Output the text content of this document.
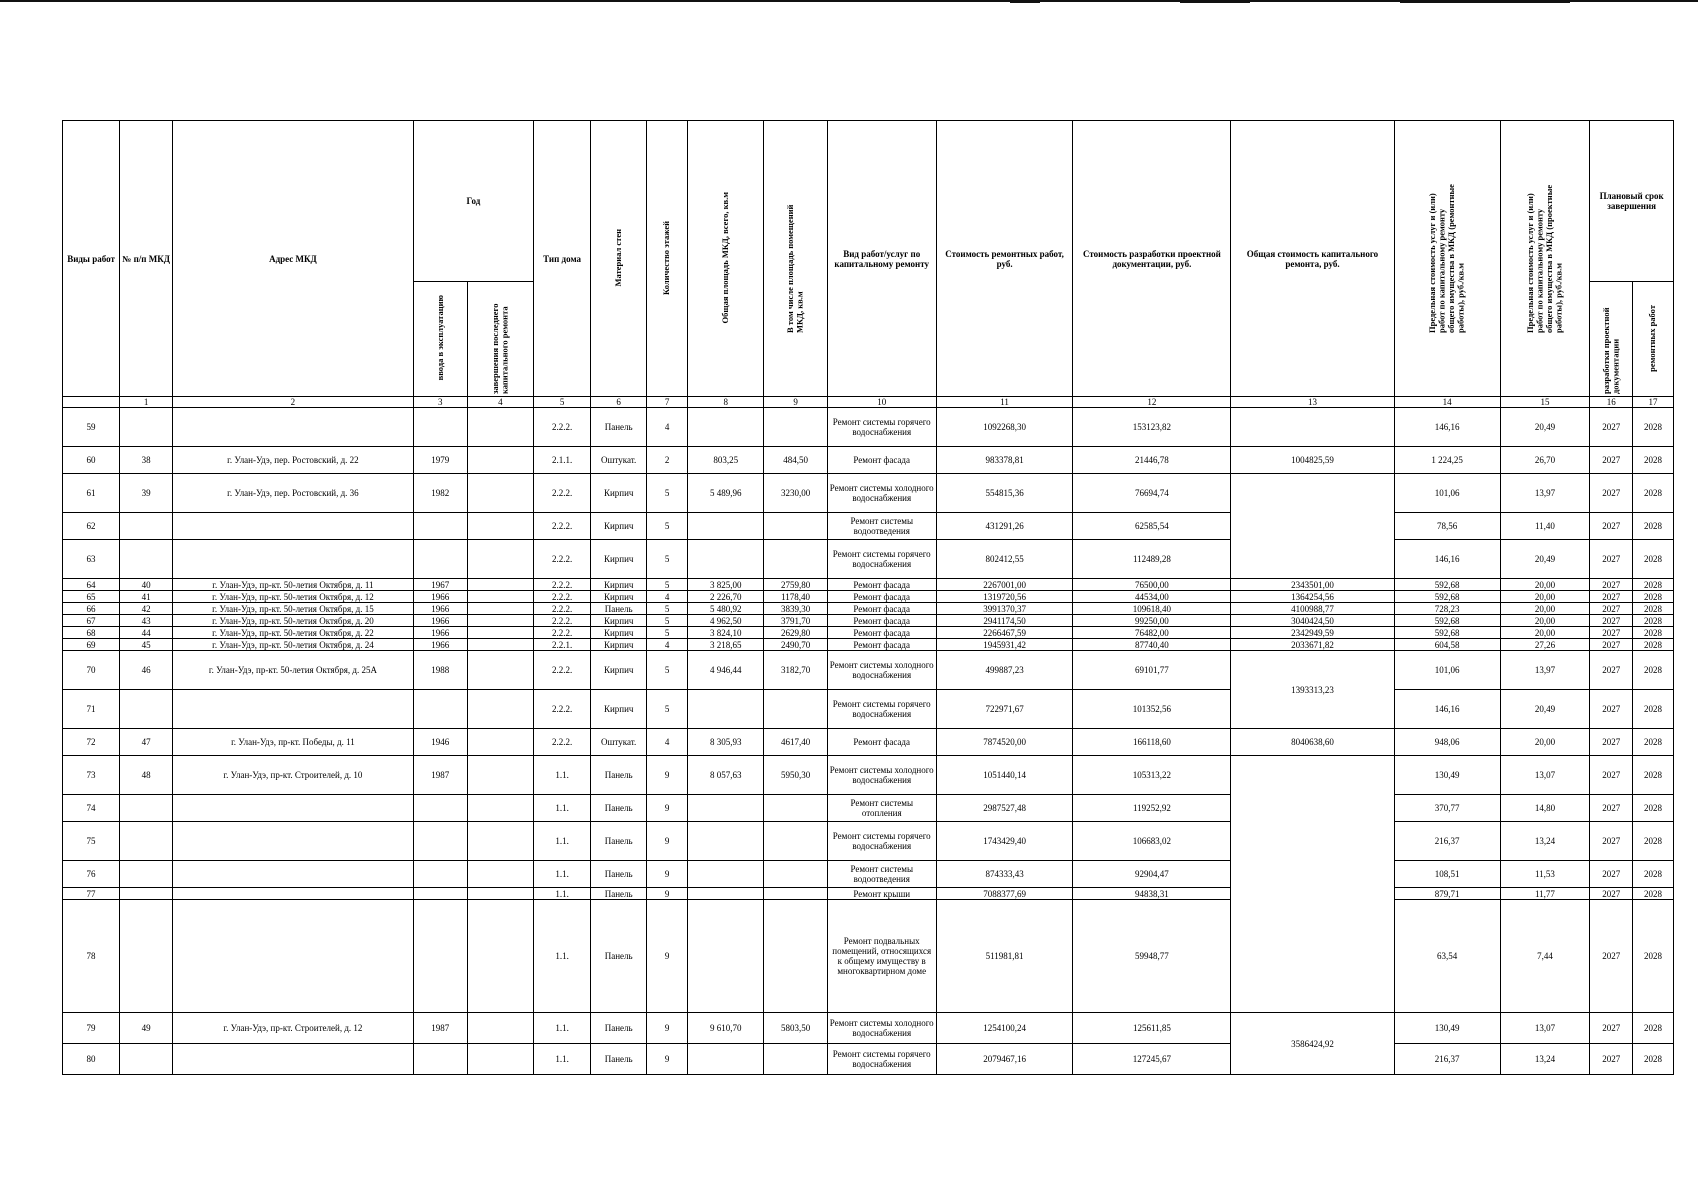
Виды работ	№ п/п МКД	Адрес МКД	Год		Тип дома	Материал стен	Количество этажей	Общая площадь МКД, всего, кв.м	В том числе площадь помещений МКД, кв.м	Вид работ/услуг по капитальному ремонту	Стоимость ремонтных работ, руб.	Стоимость разработки проектной документации, руб.	Общая стоимость капитального ремонта, руб.	Предельная стоимость услуг и (или) работ по капитальному ремонту общего имущества в МКД (ремонтные работы), руб./кв.м	Предельная стоимость услуг и (или) работ по капитальному ремонту общего имущества в МКД (проектные работы), руб./кв.м	Плановый срок завершения	
			ввода в эксплуатацию	завершения последнего капитального ремонта												разработки проектной документации	ремонтных работ
	1	2	3	4	5	6	7	8	9	10	11	12	13	14	15	16	17
59					2.2.2.	Панель	4			Ремонт системы горячего водоснабжения	1092268,30	153123,82		146,16	20,49	2027	2028
60	38	г. Улан-Удэ, пер. Ростовский, д. 22	1979		2.1.1.	Оштукат.	2	803,25	484,50	Ремонт фасада	983378,81	21446,78	1004825,59	1 224,25	26,70	2027	2028
61	39	г. Улан-Удэ, пер. Ростовский, д. 36	1982		2.2.2.	Кирпич	5	5 489,96	3230,00	Ремонт системы холодного водоснабжения	554815,36	76694,74		101,06	13,97	2027	2028
62					2.2.2.	Кирпич	5			Ремонт системы водоотведения	431291,26	62585,54		78,56	11,40	2027	2028
63					2.2.2.	Кирпич	5			Ремонт системы горячего водоснабжения	802412,55	112489,28		146,16	20,49	2027	2028
64	40	г. Улан-Удэ, пр-кт. 50-летия Октября, д. 11	1967		2.2.2.	Кирпич	5	3 825,00	2759,80	Ремонт фасада	2267001,00	76500,00	2343501,00	592,68	20,00	2027	2028
65	41	г. Улан-Удэ, пр-кт. 50-летия Октября, д. 12	1966		2.2.2.	Кирпич	4	2 226,70	1178,40	Ремонт фасада	1319720,56	44534,00	1364254,56	592,68	20,00	2027	2028
66	42	г. Улан-Удэ, пр-кт. 50-летия Октября, д. 15	1966		2.2.2.	Панель	5	5 480,92	3839,30	Ремонт фасада	3991370,37	109618,40	4100988,77	728,23	20,00	2027	2028
67	43	г. Улан-Удэ, пр-кт. 50-летия Октября, д. 20	1966		2.2.2.	Кирпич	5	4 962,50	3791,70	Ремонт фасада	2941174,50	99250,00	3040424,50	592,68	20,00	2027	2028
68	44	г. Улан-Удэ, пр-кт. 50-летия Октября, д. 22	1966		2.2.2.	Кирпич	5	3 824,10	2629,80	Ремонт фасада	2266467,59	76482,00	2342949,59	592,68	20,00	2027	2028
69	45	г. Улан-Удэ, пр-кт. 50-летия Октября, д. 24	1966		2.2.1.	Кирпич	4	3 218,65	2490,70	Ремонт фасада	1945931,42	87740,40	2033671,82	604,58	27,26	2027	2028
70	46	г. Улан-Удэ, пр-кт. 50-летия Октября, д. 25А	1988		2.2.2.	Кирпич	5	4 946,44	3182,70	Ремонт системы холодного водоснабжения	499887,23	69101,77	1393313,23	101,06	13,97	2027	2028
71					2.2.2.	Кирпич	5			Ремонт системы горячего водоснабжения	722971,67	101352,56		146,16	20,49	2027	2028
72	47	г. Улан-Удэ, пр-кт. Победы, д. 11	1946		2.2.2.	Оштукат.	4	8 305,93	4617,40	Ремонт фасада	7874520,00	166118,60	8040638,60	948,06	20,00	2027	2028
73	48	г. Улан-Удэ, пр-кт. Строителей, д. 10	1987		1.1.	Панель	9	8 057,63	5950,30	Ремонт системы холодного водоснабжения	1051440,14	105313,22		130,49	13,07	2027	2028
74					1.1.	Панель	9			Ремонт системы отопления	2987527,48	119252,92		370,77	14,80	2027	2028
75					1.1.	Панель	9			Ремонт системы горячего водоснабжения	1743429,40	106683,02		216,37	13,24	2027	2028
76					1.1.	Панель	9			Ремонт системы водоотведения	874333,43	92904,47		108,51	11,53	2027	2028
77					1.1.	Панель	9			Ремонт крыши	7088377,69	94838,31		879,71	11,77	2027	2028
78					1.1.	Панель	9			Ремонт подвальных помещений, относящихся к общему имуществу в многоквартирном доме	511981,81	59948,77		63,54	7,44	2027	2028
79	49	г. Улан-Удэ, пр-кт. Строителей, д. 12	1987		1.1.	Панель	9	9 610,70	5803,50	Ремонт системы холодного водоснабжения	1254100,24	125611,85	3586424,92	130,49	13,07	2027	2028
80					1.1.	Панель	9			Ремонт системы горячего водоснабжения	2079467,16	127245,67		216,37	13,24	2027	2028
